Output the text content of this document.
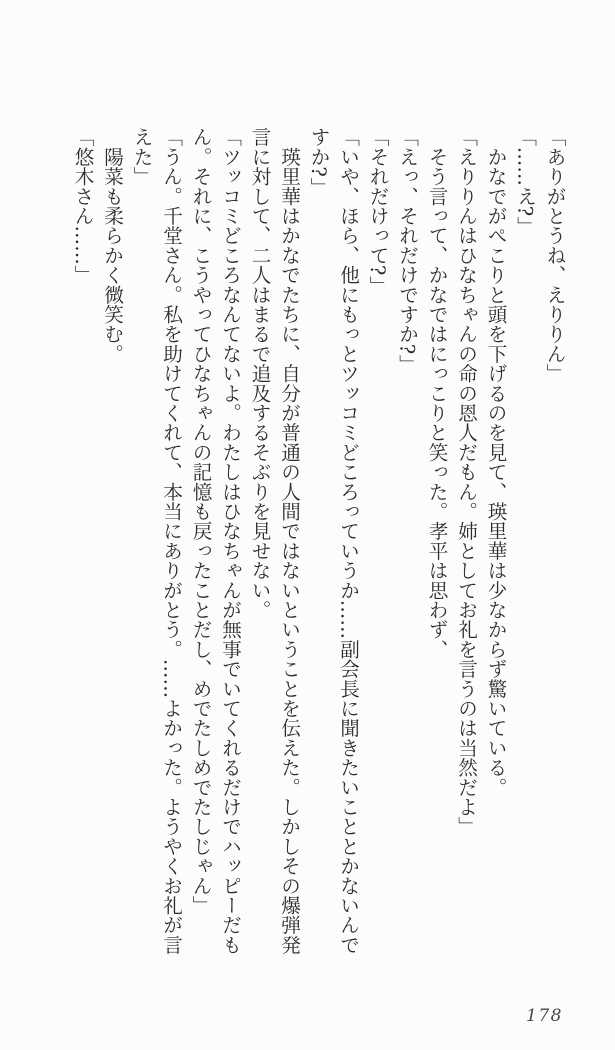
「ありがとうね、えりりん」

「……え?」

　かなでがぺこりと頭を下げるのを見て、瑛里華は少なからず驚いている。

「えりりんはひなちゃんの命の恩人だもん。姉としてお礼を言うのは当然だよ」

　そう言って、かなではにっこりと笑った。孝平は思わず、

「えっ、それだけですか?」

「それだけって?」

「いや、ほら、他にもっとツッコミどころっていうか……副会長に聞きたいこととかないんで

すか?」

　瑛里華はかなでたちに、自分が普通の人間ではないということを伝えた。しかしその爆弾発

言に対して、二人はまるで追及するそぶりを見せない。

「ツッコミどころなんてないよ。わたしはひなちゃんが無事でいてくれるだけでハッピーだも

ん。それに、こうやってひなちゃんの記憶も戻ったことだし、めでたしめでたしじゃん」

「うん。千堂さん。私を助けてくれて、本当にありがとう。……よかった。ようやくお礼が言

えた」

　陽菜も柔らかく微笑む。

「悠木さん……」

178
